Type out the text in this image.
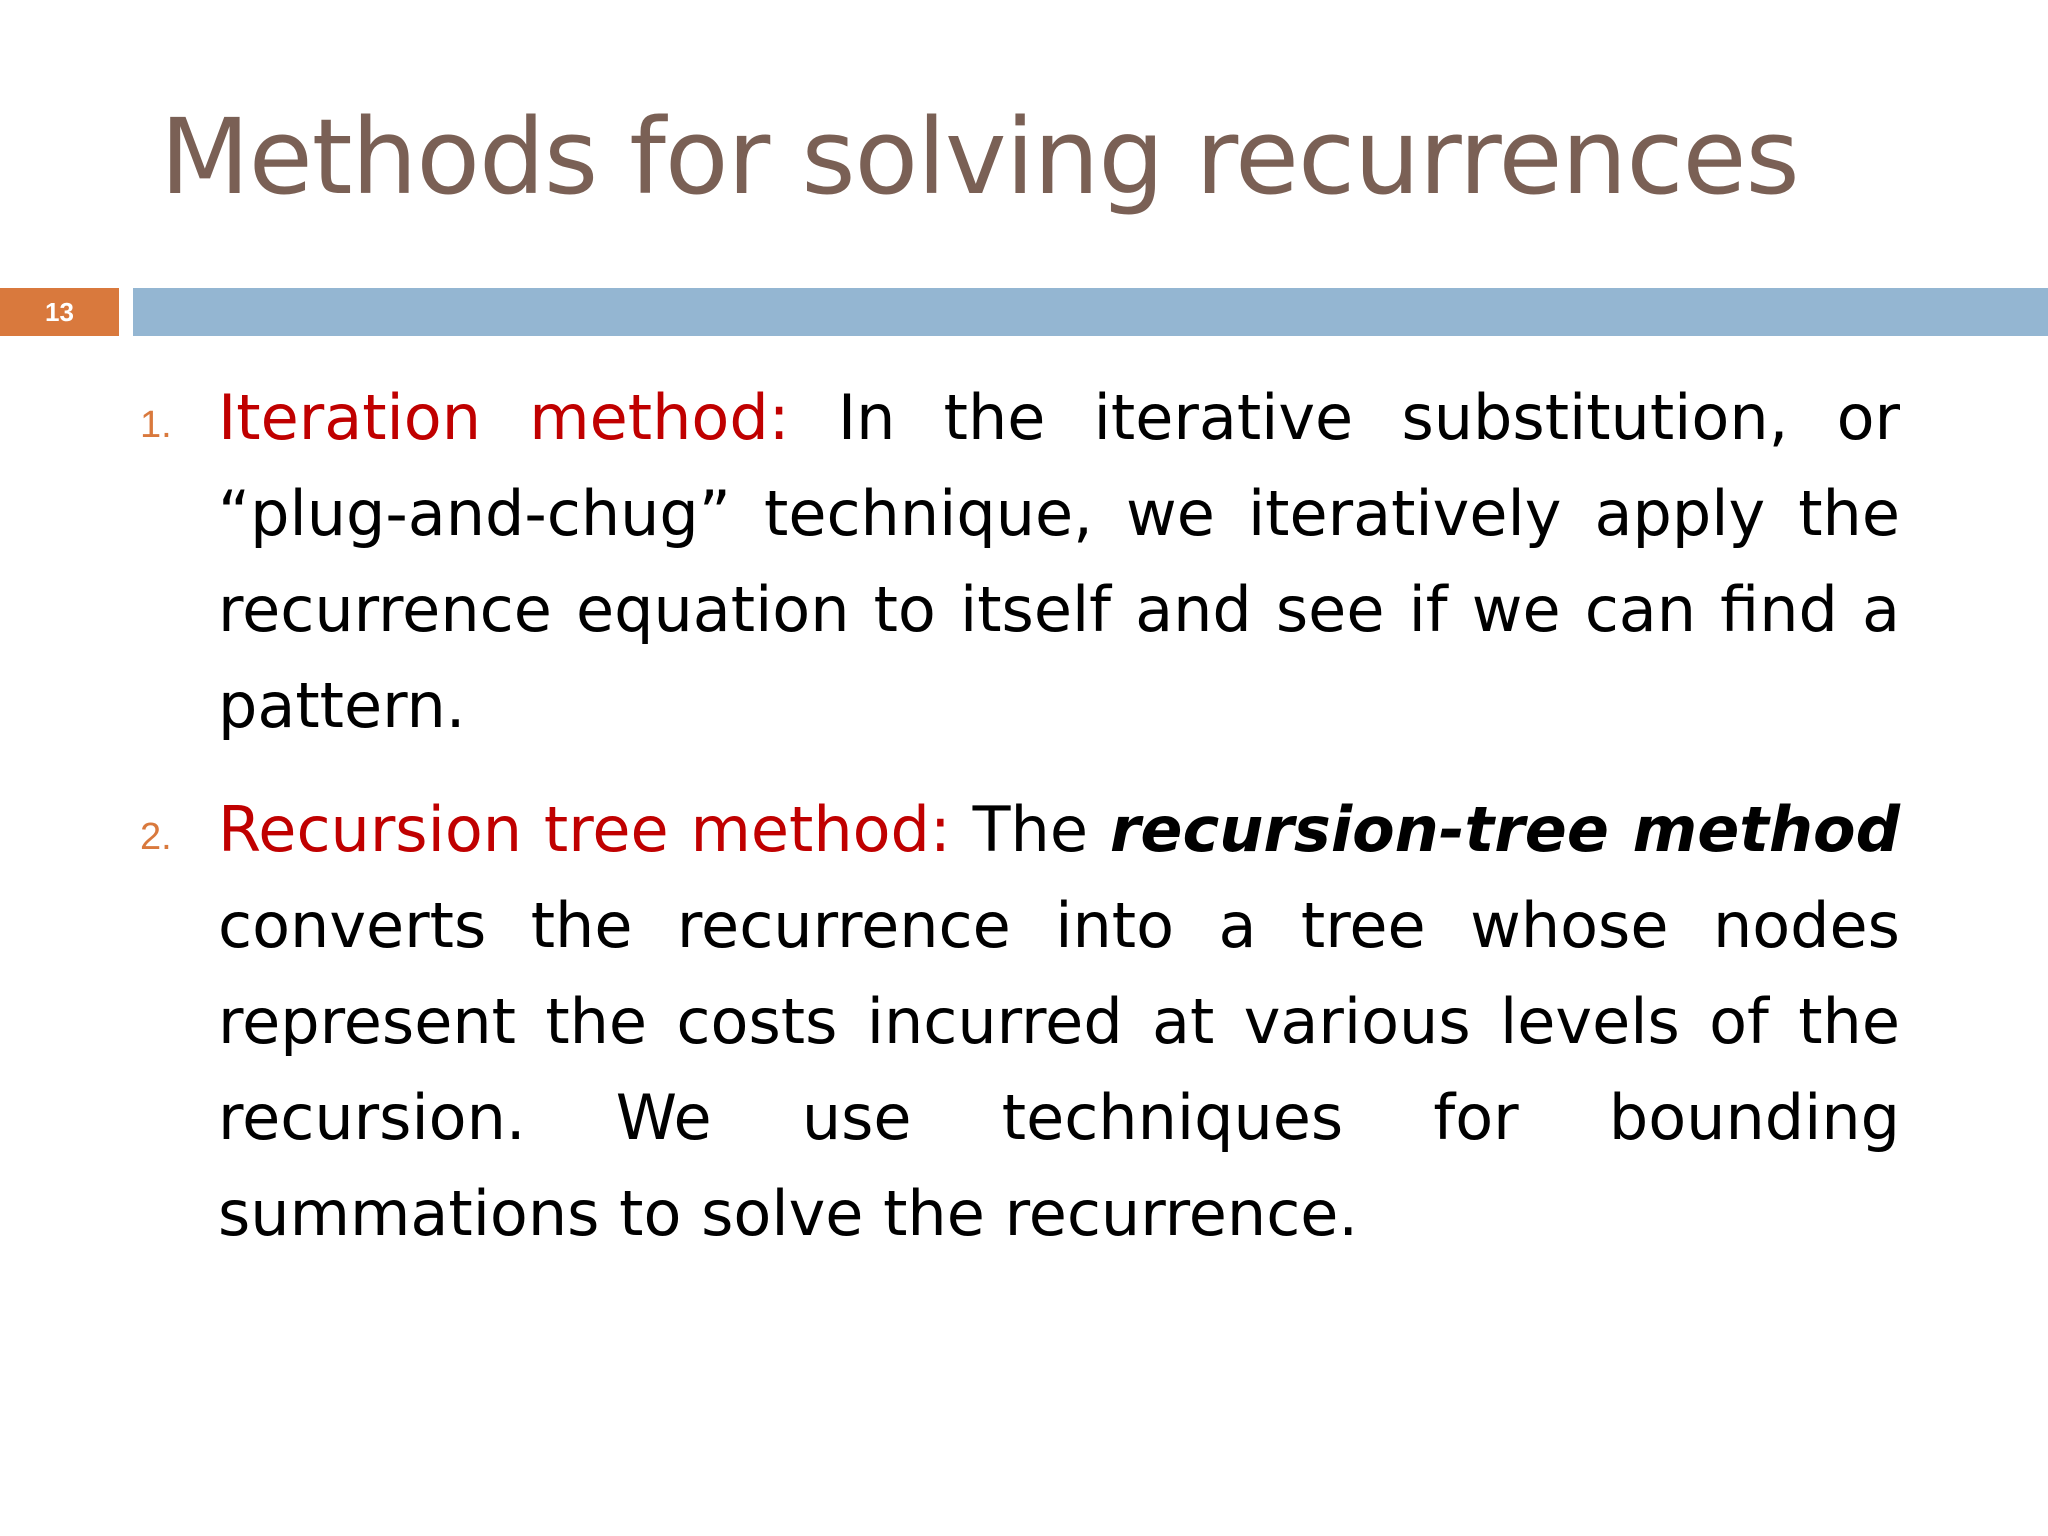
Methods for solving recurrences
13
1. Iteration method: In the iterative substitution, or “plug-and-chug” technique, we iteratively apply the recurrence equation to itself and see if we can find a pattern.
2. Recursion tree method: The recursion-tree method converts the recurrence into a tree whose nodes represent the costs incurred at various levels of the recursion. We use techniques for bounding summations to solve the recurrence.
